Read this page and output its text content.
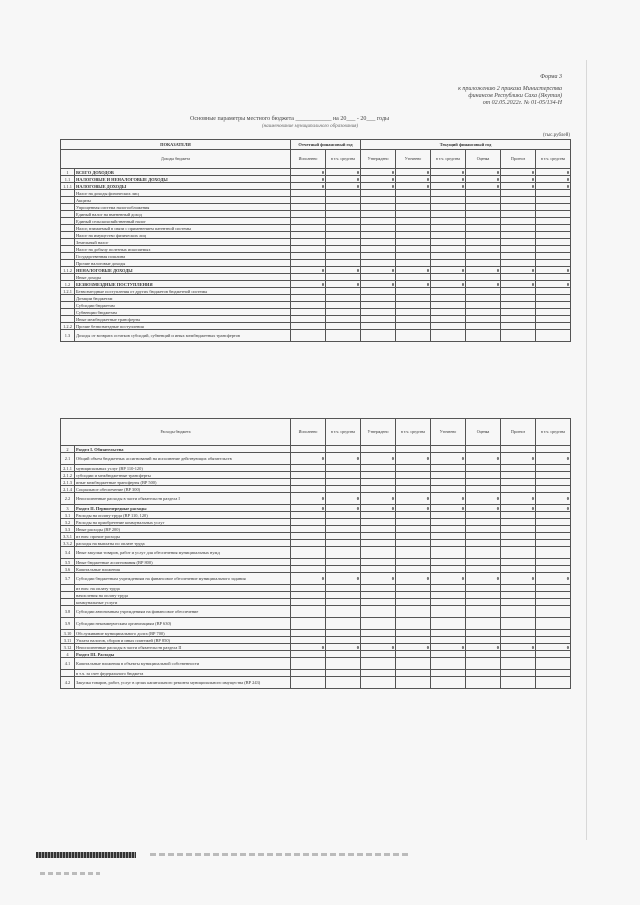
Форма 3
к приложению 2 приказа Министерства
финансов Республики Саха (Якутия)
от 02.05.2022г. № 01-05/134-Н
Основные параметры местного бюджета ____________ на 20___ - 20___ годы
(наименование муниципального образования)
(тыс.рублей)
ПОКАЗАТЕЛИ		Отчетный финансовый год		Текущий финансовый год					
Доходы бюджета		Исполнено	в т.ч. средства	Утверждено	Уточнено	в т.ч. средства	Оценка	Прогноз	в т.ч. средства
1	ВСЕГО ДОХОДОВ	0	0	0	0	0	0	0	0
1.1	НАЛОГОВЫЕ И НЕНАЛОГОВЫЕ ДОХОДЫ	0	0	0	0	0	0	0	0
1.1.1	НАЛОГОВЫЕ ДОХОДЫ	0	0	0	0	0	0	0	0
	Налог на доходы физических лиц								
	Акцизы								
	Упрощенная система налогообложения								
	Единый налог на вмененный доход								
	Единый сельскохозяйственный налог								
	Налог, взимаемый в связи с применением патентной системы								
	Налог на имущество физических лиц								
	Земельный налог								
	Налог на добычу полезных ископаемых								
	Государственная пошлина								
	Прочие налоговые доходы								
1.1.2	НЕНАЛОГОВЫЕ ДОХОДЫ	0	0	0	0	0	0	0	0
	Иные доходы								
1.2	БЕЗВОЗМЕЗДНЫЕ ПОСТУПЛЕНИЯ	0	0	0	0	0	0	0	0
1.2.1	Безвозмездные поступления от других бюджетов бюджетной системы								
	Дотации бюджетам								
	Субсидии бюджетам								
	Субвенции бюджетам								
	Иные межбюджетные трансферты								
1.2.2	Прочие безвозмездные поступления								
1.3	Доходы от возврата остатков субсидий, субвенций и иных межбюджетных трансфертов								
Расходы бюджета		Исполнено	в т.ч. средства	Утверждено	в т.ч. средства	Уточнено	Оценка	Прогноз	в т.ч. средства
2	Раздел I. Обязательства								
2.1	Общий объем бюджетных ассигнований на исполнение действующих обязательств	0	0	0	0	0	0	0	0
2.1.1	муниципальных услуг (ВР 110-120)								
2.1.2	субсидии и межбюджетные трансферты								
2.1.3	иные межбюджетные трансферты (ВР 500)								
2.1.4	Социальное обеспечение (ВР 300)								
2.2	Неисполненные расходы в части обязательств раздела I	0	0	0	0	0	0	0	0
3	Раздел II. Первоочередные расходы	0	0	0	0	0	0	0	0
3.1	Расходы на оплату труда (ВР 110, 120)								
3.2	Расходы на приобретение коммунальных услуг								
3.3	Иные расходы (ВР 200)								
3.3.1	из них: прочие расходы								
3.3.2	расходы на выплаты по оплате труда								
3.4	Иные закупки товаров, работ и услуг для обеспечения муниципальных нужд								
3.5	Иные бюджетные ассигнования (ВР 800)								
3.6	Капитальные вложения								
3.7	Субсидии бюджетным учреждениям на финансовое обеспечение муниципального задания	0	0	0	0	0	0	0	0
	из них: на оплату труда								
	начисления на оплату труда								
	коммунальные услуги								
3.8	Субсидии автономным учреждениям на финансовое обеспечение								
3.9	Субсидии некоммерческим организациям (ВР 630)								
3.10	Обслуживание муниципального долга (ВР 700)								
3.11	Уплата налогов, сборов и иных платежей (ВР 850)								
3.12	Неисполненные расходы в части обязательств раздела II	0	0	0	0	0	0	0	0
4	Раздел III. Расходы								
4.1	Капитальные вложения в объекты муниципальной собственности								
	в т.ч. за счет федерального бюджета								
4.2	Закупка товаров, работ, услуг в целях капитального ремонта муниципального имущества (ВР 243)								
